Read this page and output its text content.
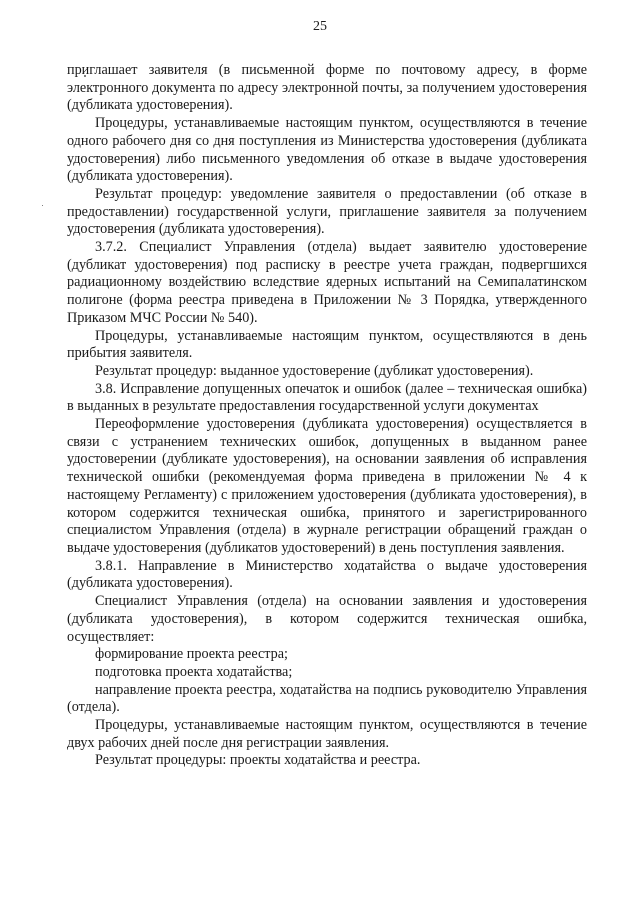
25

приглашает заявителя (в письменной форме по почтовому адресу, в форме электронного документа по адресу электронной почты, за получением удостоверения (дубликата удостоверения).

Процедуры, устанавливаемые настоящим пунктом, осуществляются в течение одного рабочего дня со дня поступления из Министерства удостоверения (дубликата удостоверения) либо письменного уведомления об отказе в выдаче удостоверения (дубликата удостоверения).

Результат процедур: уведомление заявителя о предоставлении (об отказе в предоставлении) государственной услуги, приглашение заявителя за получением удостоверения (дубликата удостоверения).

3.7.2. Специалист Управления (отдела) выдает заявителю удостоверение (дубликат удостоверения) под расписку в реестре учета граждан, подвергшихся радиационному воздействию вследствие ядерных испытаний на Семипалатинском полигоне (форма реестра приведена в Приложении № 3 Порядка, утвержденного Приказом МЧС России № 540).

Процедуры, устанавливаемые настоящим пунктом, осуществляются в день прибытия заявителя.

Результат процедур: выданное удостоверение (дубликат удостоверения).

3.8. Исправление допущенных опечаток и ошибок (далее – техническая ошибка) в выданных в результате предоставления государственной услуги документах

Переоформление удостоверения (дубликата удостоверения) осуществляется в связи с устранением технических ошибок, допущенных в выданном ранее удостоверении (дубликате удостоверения), на основании заявления об исправления технической ошибки (рекомендуемая форма приведена в приложении № 4 к настоящему Регламенту) с приложением удостоверения (дубликата удостоверения), в котором содержится техническая ошибка, принятого и зарегистрированного специалистом Управления (отдела) в журнале регистрации обращений граждан о выдаче удостоверения (дубликатов удостоверений) в день поступления заявления.

3.8.1. Направление в Министерство ходатайства о выдаче удостоверения (дубликата удостоверения).

Специалист Управления (отдела) на основании заявления и удостоверения (дубликата удостоверения), в котором содержится техническая ошибка, осуществляет:

формирование проекта реестра;

подготовка проекта ходатайства;

направление проекта реестра, ходатайства на подпись руководителю Управления (отдела).

Процедуры, устанавливаемые настоящим пунктом, осуществляются в течение двух рабочих дней после дня регистрации заявления.

Результат процедуры: проекты ходатайства и реестра.
